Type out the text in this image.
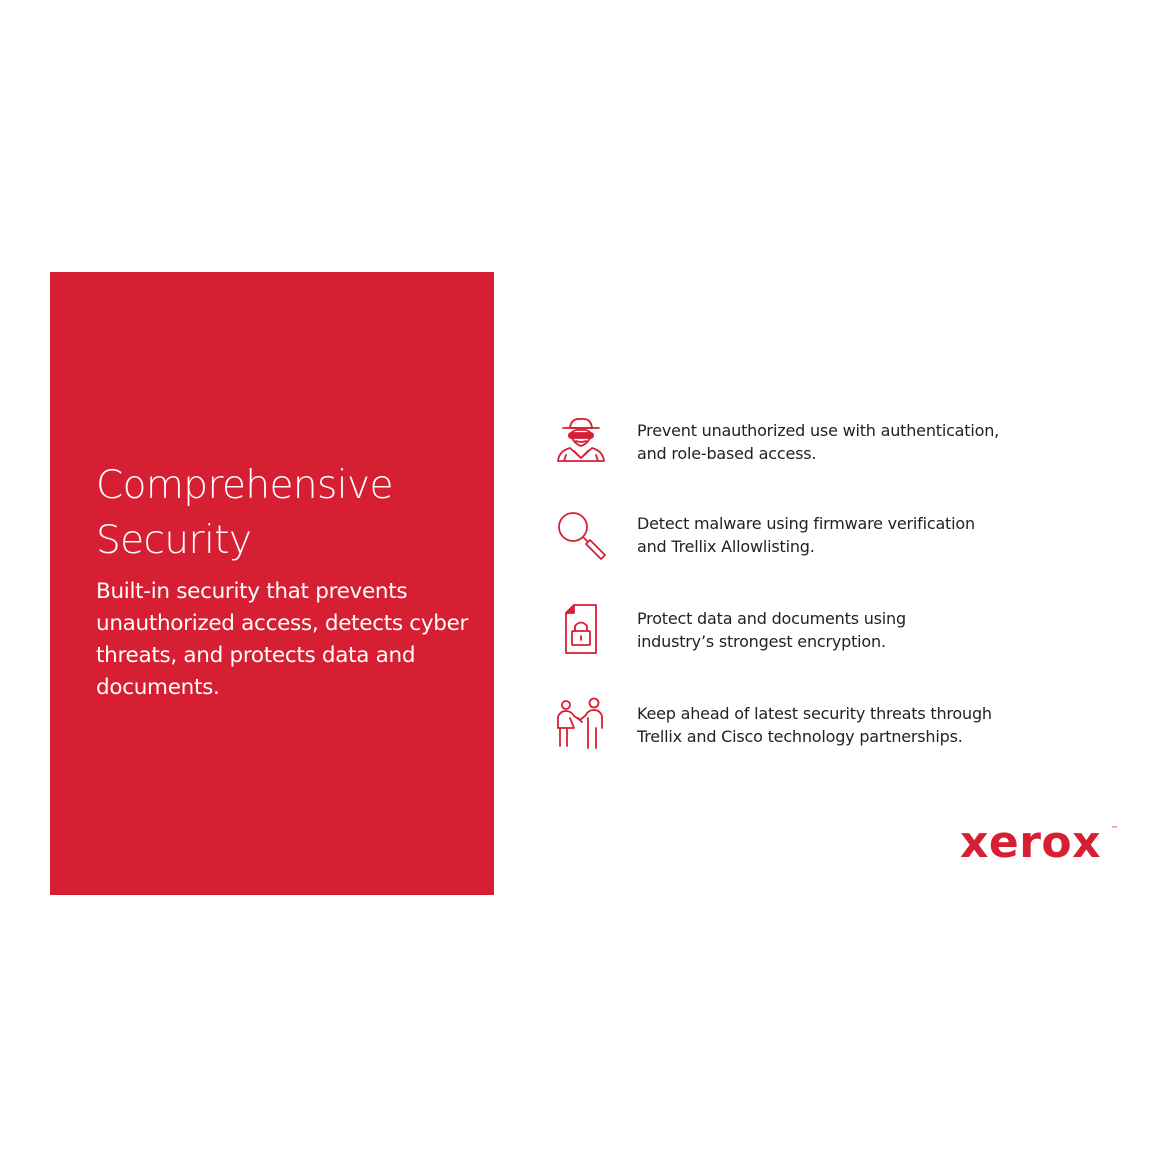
Comprehensive
Security

Built-in security that prevents unauthorized access, detects cyber threats, and protects data and documents.

Prevent unauthorized use with authentication,
and role-based access.
Detect malware using firmware verification
and Trellix Allowlisting.
Protect data and documents using
industry’s strongest encryption.
Keep ahead of latest security threats through
Trellix and Cisco technology partnerships.
xerox ™
